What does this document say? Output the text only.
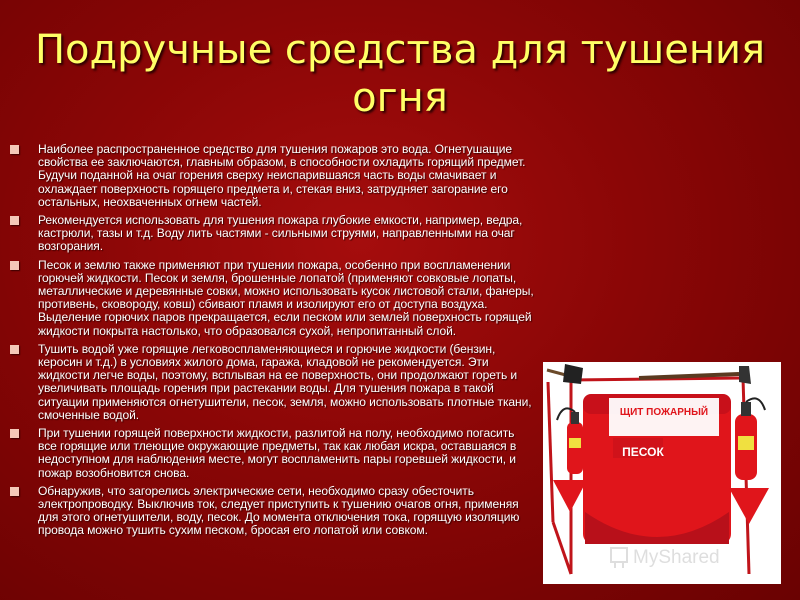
Подручные средства для тушения огня
Наиболее распространенное средство для тушения пожаров это вода. Огнетушащие свойства ее заключаются, главным образом, в способности охладить горящий предмет. Будучи поданной на очаг горения сверху неиспарившаяся часть воды смачивает и охлаждает поверхность горящего предмета и, стекая вниз, затрудняет загорание его остальных, неохваченных огнем частей.
Рекомендуется использовать для тушения пожара глубокие емкости, например, ведра, кастрюли, тазы и т.д. Воду лить частями - сильными струями, направленными на очаг возгорания.
Песок и землю также применяют при тушении пожара, особенно при воспламенении горючей жидкости. Песок и земля, брошенные лопатой (применяют совковые лопаты, металлические и деревянные совки, можно использовать кусок листовой стали, фанеры, противень, сковороду, ковш) сбивают пламя и изолируют его от доступа воздуха. Выделение горючих паров прекращается, если песком или землей поверхность горящей жидкости покрыта настолько, что образовался сухой, непропитанный слой.
Тушить водой уже горящие легковоспламеняющиеся и горючие жидкости (бензин, керосин и т.д.) в условиях жилого дома, гаража, кладовой не рекомендуется. Эти жидкости легче воды, поэтому, всплывая на ее поверхность, они продолжают гореть и увеличивать площадь горения при растекании воды. Для тушения пожара в такой ситуации применяются огнетушители, песок, земля, можно использовать плотные ткани, смоченные водой.
При тушении горящей поверхности жидкости, разлитой на полу, необходимо погасить все горящие или тлеющие окружающие предметы, так как любая искра, оставшаяся в недоступном для наблюдения месте, могут воспламенить пары горевшей жидкости, и пожар возобновится снова.
Обнаружив, что загорелись электрические сети, необходимо сразу обесточить электропроводку. Выключив ток, следует приступить к тушению очагов огня, применяя для этого огнетушители, воду, песок. До момента отключения тока, горящую изоляцию провода можно тушить сухим песком, бросая его лопатой или совком.
ЩИТ ПОЖАРНЫЙ
ПЕСОК
MyShared
